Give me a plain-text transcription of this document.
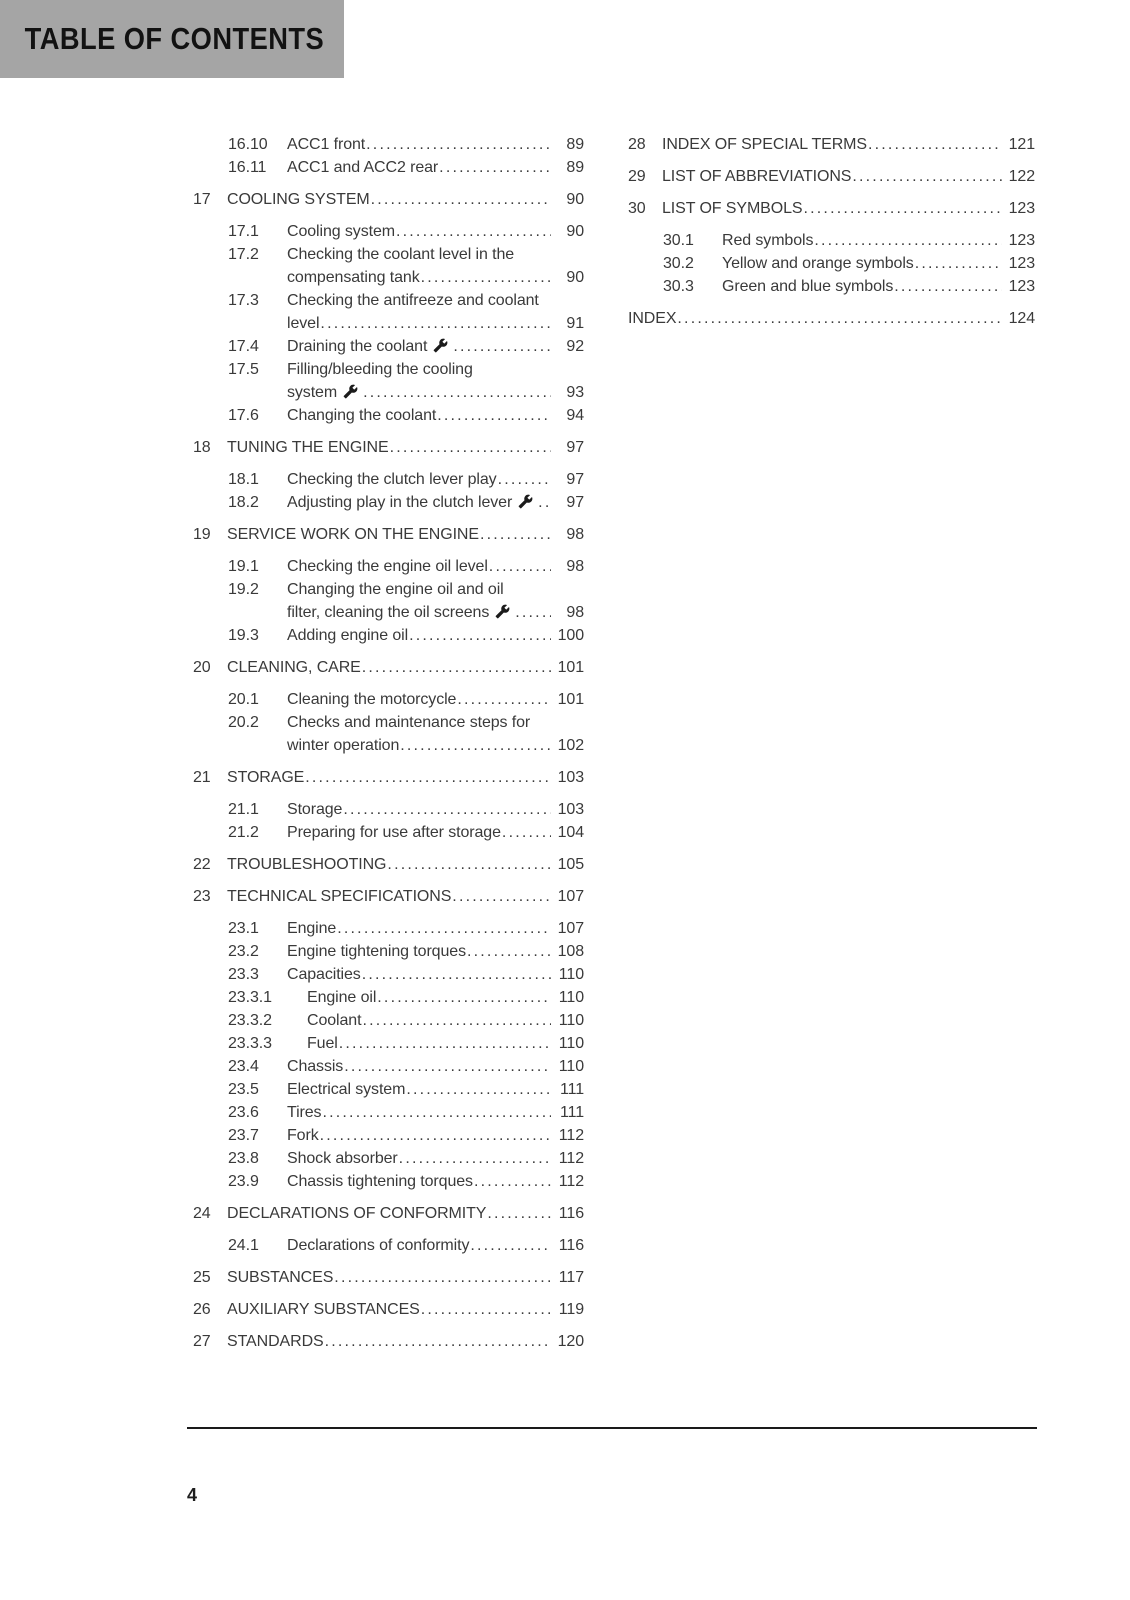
TABLE OF CONTENTS
16.10	ACC1 front .....	89
16.11	ACC1 and ACC2 rear .....	89
17	COOLING SYSTEM .....	90
17.1	Cooling system .....	90
17.2	Checking the coolant level in the
compensating tank .....	90
17.3	Checking the antifreeze and coolant
level .....	91
17.4	Draining the coolant .....	92
17.5	Filling/bleeding the cooling
system .....	93
17.6	Changing the coolant .....	94
18	TUNING THE ENGINE .....	97
18.1	Checking the clutch lever play .....	97
18.2	Adjusting play in the clutch lever .....	97
19	SERVICE WORK ON THE ENGINE .....	98
19.1	Checking the engine oil level .....	98
19.2	Changing the engine oil and oil
filter, cleaning the oil screens .....	98
19.3	Adding engine oil .....	100
20	CLEANING, CARE .....	101
20.1	Cleaning the motorcycle .....	101
20.2	Checks and maintenance steps for
winter operation .....	102
21	STORAGE .....	103
21.1	Storage .....	103
21.2	Preparing for use after storage .....	104
22	TROUBLESHOOTING .....	105
23	TECHNICAL SPECIFICATIONS .....	107
23.1	Engine .....	107
23.2	Engine tightening torques .....	108
23.3	Capacities .....	110
23.3.1	Engine oil .....	110
23.3.2	Coolant .....	110
23.3.3	Fuel .....	110
23.4	Chassis .....	110
23.5	Electrical system .....	111
23.6	Tires .....	111
23.7	Fork .....	112
23.8	Shock absorber .....	112
23.9	Chassis tightening torques .....	112
24	DECLARATIONS OF CONFORMITY .....	116
24.1	Declarations of conformity .....	116
25	SUBSTANCES .....	117
26	AUXILIARY SUBSTANCES .....	119
27	STANDARDS .....	120
28	INDEX OF SPECIAL TERMS .....	121
29	LIST OF ABBREVIATIONS .....	122
30	LIST OF SYMBOLS .....	123
30.1	Red symbols .....	123
30.2	Yellow and orange symbols .....	123
30.3	Green and blue symbols .....	123
INDEX .....	124
4
